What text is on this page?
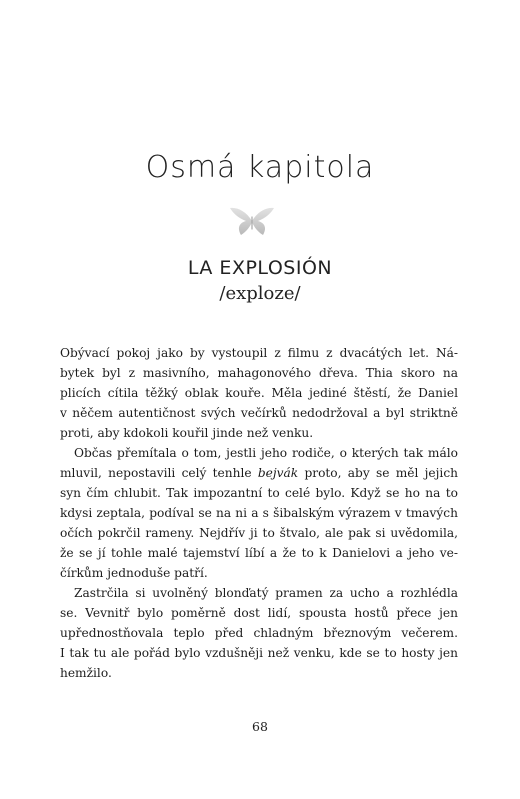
Osmá kapitola
LA EXPLOSIÓN
/exploze/
Obývací pokoj jako by vystoupil z filmu z dvacátých let. Ná-
bytek byl z masivního, mahagonového dřeva. Thia skoro na
plicích cítila těžký oblak kouře. Měla jediné štěstí, že Daniel
v něčem autentičnost svých večírků nedodržoval a byl striktně
proti, aby kdokoli kouřil jinde než venku.
Občas přemítala o tom, jestli jeho rodiče, o kterých tak málo
mluvil, nepostavili celý tenhle bejvák proto, aby se měl jejich
syn čím chlubit. Tak impozantní to celé bylo. Když se ho na to
kdysi zeptala, podíval se na ni a s šibalským výrazem v tmavých
očích pokrčil rameny. Nejdřív ji to štvalo, ale pak si uvědomila,
že se jí tohle malé tajemství líbí a že to k Danielovi a jeho ve-
čírkům jednoduše patří.
Zastrčila si uvolněný blonďatý pramen za ucho a rozhlédla
se. Vevnitř bylo poměrně dost lidí, spousta hostů přece jen
upřednostňovala teplo před chladným březnovým večerem.
I tak tu ale pořád bylo vzdušněji než venku, kde se to hosty jen
hemžilo.
68
